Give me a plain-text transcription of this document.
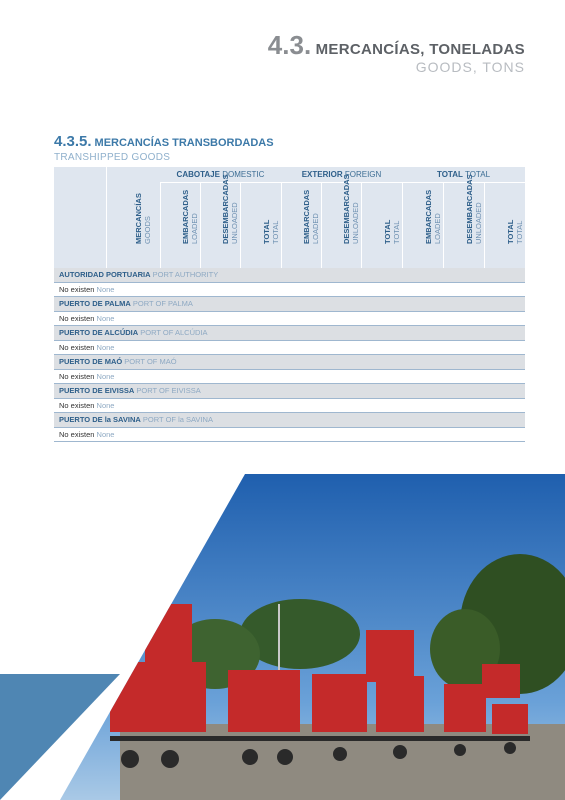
4.3. MERCANCÍAS, TONELADAS
GOODS, TONS
4.3.5. MERCANCÍAS TRANSBORDADAS
TRANSHIPPED GOODS
CABOTAJE DOMESTIC	EXTERIOR FOREIGN	TOTAL TOTAL
MERCANCÍAS GOODS	EMBARCADAS LOADED	DESEMBARCADAS UNLOADED	TOTAL TOTAL	EMBARCADAS LOADED	DESEMBARCADAS UNLOADED	TOTAL TOTAL	EMBARCADAS LOADED	DESEMBARCADAS UNLOADED	TOTAL TOTAL
AUTORIDAD PORTUARIA PORT AUTHORITY
No existen None
PUERTO DE PALMA PORT OF PALMA
No existen None
PUERTO DE ALCÚDIA PORT OF ALCÚDIA
No existen None
PUERTO DE MAÓ PORT OF MAÓ
No existen None
PUERTO DE EIVISSA PORT OF EIVISSA
No existen None
PUERTO DE la SAVINA PORT OF la SAVINA
No existen None
